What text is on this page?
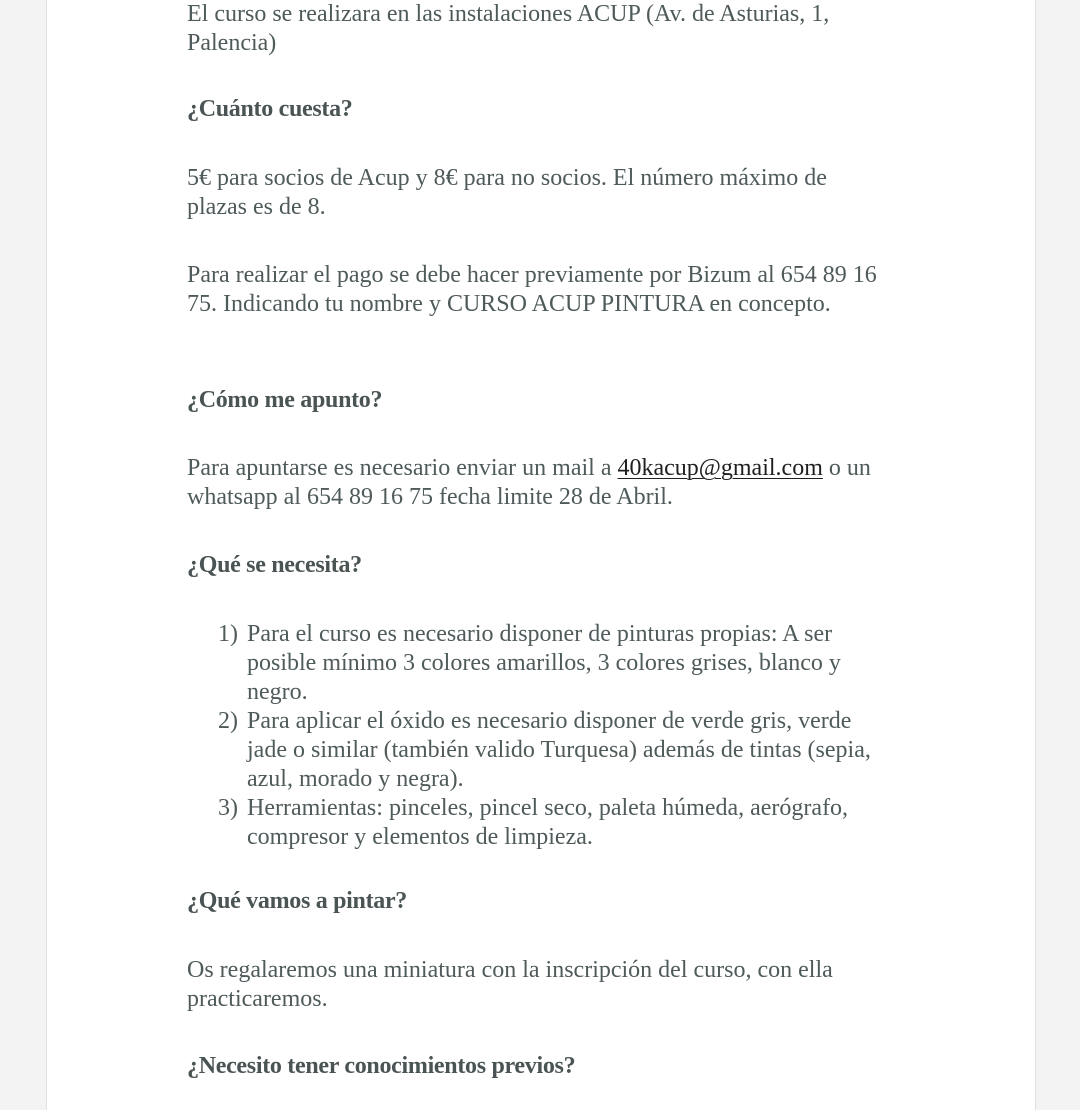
El curso se realizara en las instalaciones ACUP (Av. de Asturias, 1,

Palencia)

¿Cuánto cuesta?

5€ para socios de Acup y 8€ para no socios. El número máximo de plazas es de 8.

Para realizar el pago se debe hacer previamente por Bizum al 654 89 16 75. Indicando tu nombre y CURSO ACUP PINTURA en concepto.

¿Cómo me apunto?

Para apuntarse es necesario enviar un mail a 40kacup@gmail.com o un whatsapp al 654 89 16 75 fecha limite 28 de Abril.

¿Qué se necesita?

1) Para el curso es necesario disponer de pinturas propias: A ser posible mínimo 3 colores amarillos, 3 colores grises, blanco y negro.
2) Para aplicar el óxido es necesario disponer de verde gris, verde jade o similar (también valido Turquesa) además de tintas (sepia, azul, morado y negra).
3) Herramientas: pinceles, pincel seco, paleta húmeda, aerógrafo, compresor y elementos de limpieza.

¿Qué vamos a pintar?

Os regalaremos una miniatura con la inscripción del curso, con ella practicaremos.

¿Necesito tener conocimientos previos?
